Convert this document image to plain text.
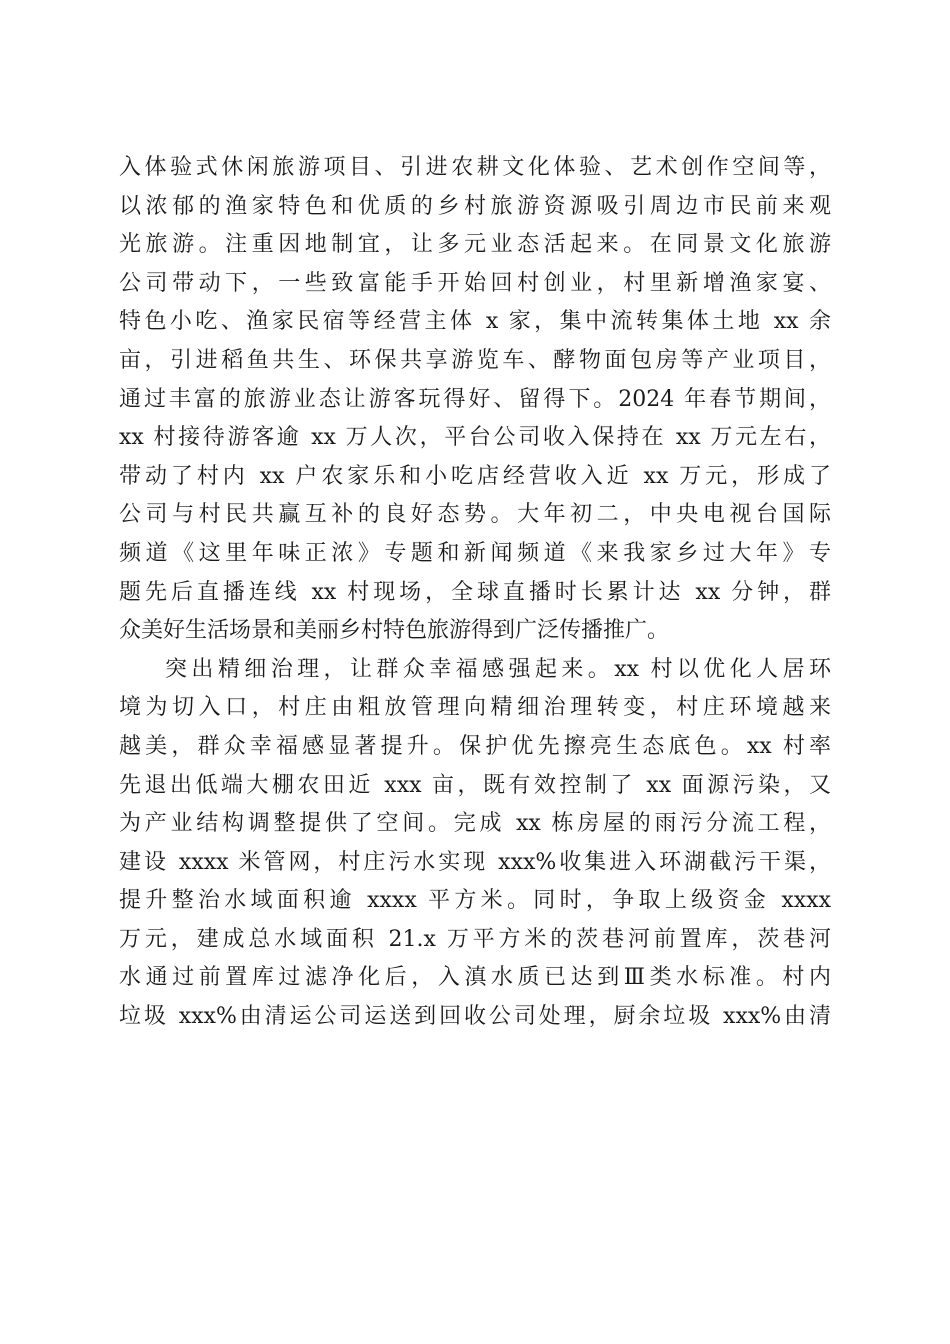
入体验式休闲旅游项目、引进农耕文化体验、艺术创作空间等，
以浓郁的渔家特色和优质的乡村旅游资源吸引周边市民前来观
光旅游。注重因地制宜，让多元业态活起来。在同景文化旅游
公司带动下，一些致富能手开始回村创业，村里新增渔家宴、
特色小吃、渔家民宿等经营主体 x 家，集中流转集体土地 xx 余
亩，引进稻鱼共生、环保共享游览车、酵物面包房等产业项目，
通过丰富的旅游业态让游客玩得好、留得下。2024 年春节期间，
xx 村接待游客逾 xx 万人次，平台公司收入保持在 xx 万元左右，
带动了村内 xx 户农家乐和小吃店经营收入近 xx 万元，形成了
公司与村民共赢互补的良好态势。大年初二，中央电视台国际
频道《这里年味正浓》专题和新闻频道《来我家乡过大年》专
题先后直播连线 xx 村现场，全球直播时长累计达 xx 分钟，群
众美好生活场景和美丽乡村特色旅游得到广泛传播推广。
突出精细治理，让群众幸福感强起来。xx 村以优化人居环
境为切入口，村庄由粗放管理向精细治理转变，村庄环境越来
越美，群众幸福感显著提升。保护优先擦亮生态底色。xx 村率
先退出低端大棚农田近 xxx 亩，既有效控制了 xx 面源污染，又
为产业结构调整提供了空间。完成 xx 栋房屋的雨污分流工程，
建设 xxxx 米管网，村庄污水实现 xxx%收集进入环湖截污干渠，
提升整治水域面积逾 xxxx 平方米。同时，争取上级资金 xxxx
万元，建成总水域面积 21.x 万平方米的茨巷河前置库，茨巷河
水通过前置库过滤净化后，入滇水质已达到Ⅲ类水标准。村内
垃圾 xxx%由清运公司运送到回收公司处理，厨余垃圾 xxx%由清
